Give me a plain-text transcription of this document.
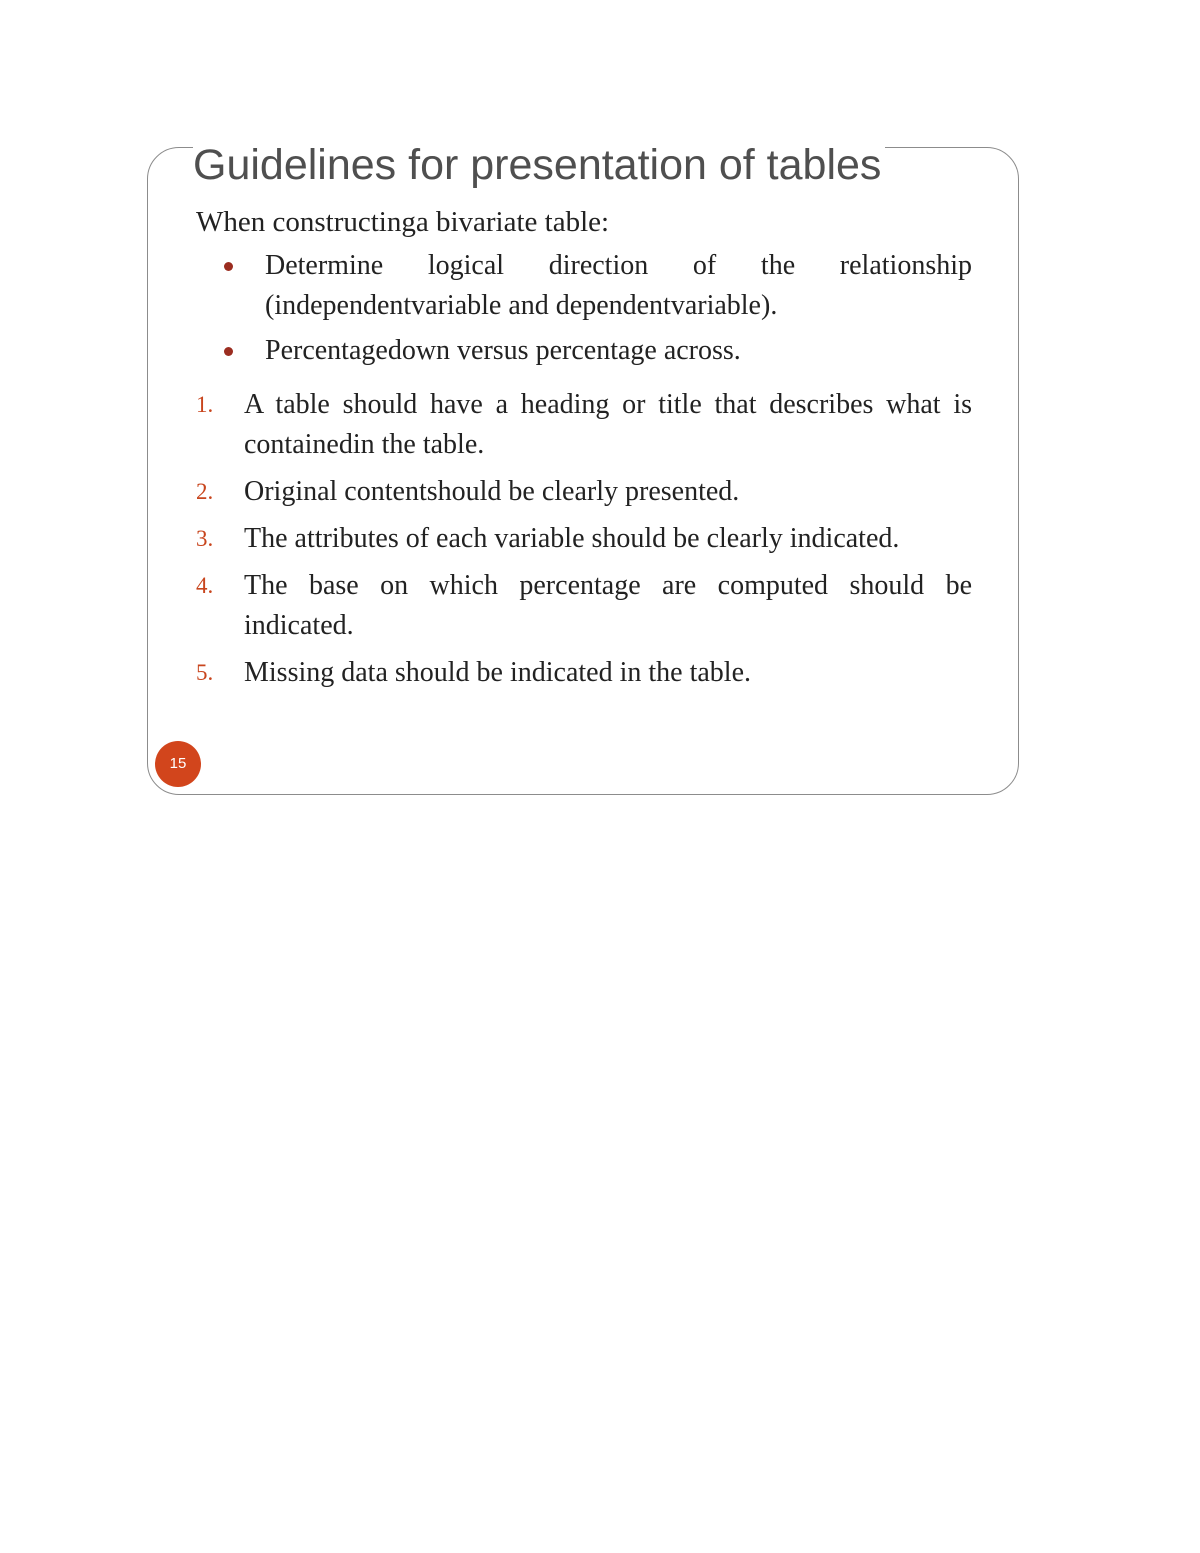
Guidelines for presentation of tables

When constructinga bivariate table:

Determine logical direction of the relationship (independentvariable and dependentvariable).
Percentagedown versus percentage across.
1. A table should have a heading or title that describes what is containedin the table.
2. Original contentshould be clearly presented.
3. The attributes of each variable should be clearly indicated.
4. The base on which percentage are computed should be indicated.
5. Missing data should be indicated in the table.
15
